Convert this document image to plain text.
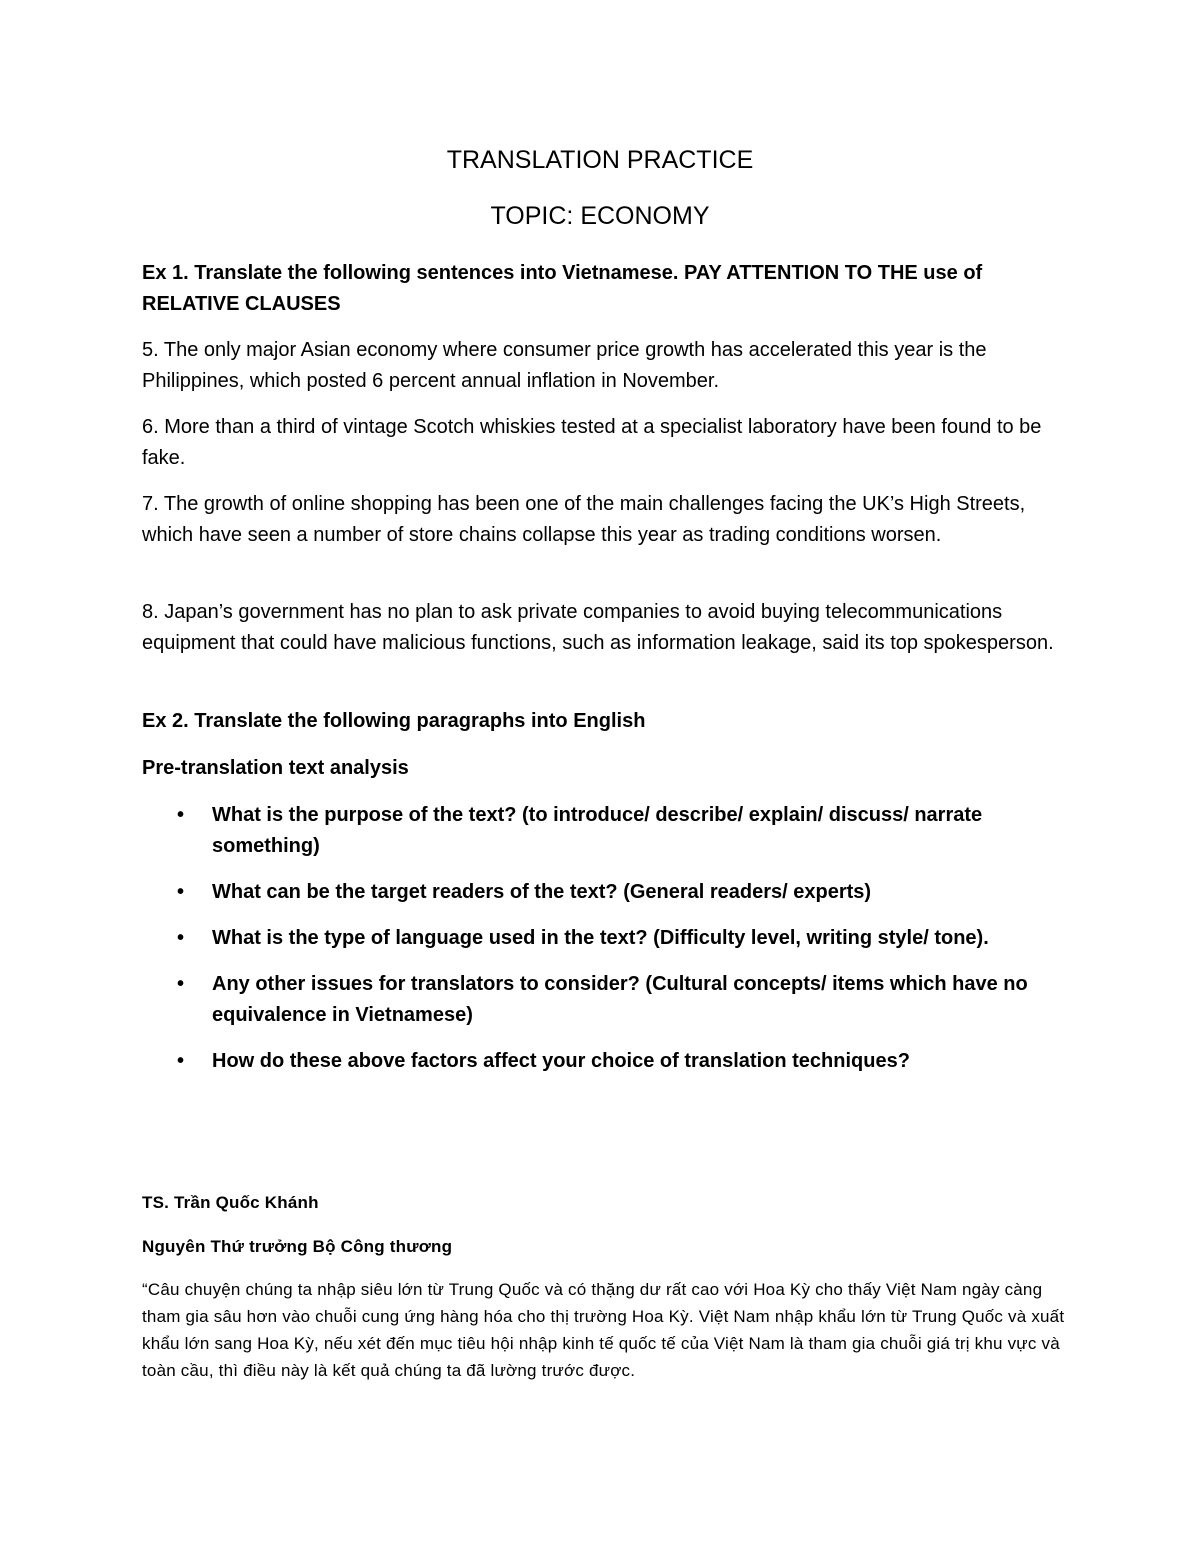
TRANSLATION PRACTICE
TOPIC: ECONOMY

Ex 1. Translate the following sentences into Vietnamese. PAY ATTENTION TO THE use of RELATIVE CLAUSES

5. The only major Asian economy where consumer price growth has accelerated this year is the Philippines, which posted 6 percent annual inflation in November.

6. More than a third of vintage Scotch whiskies tested at a specialist laboratory have been found to be fake.

7. The growth of online shopping has been one of the main challenges facing the UK’s High Streets, which have seen a number of store chains collapse this year as trading conditions worsen.

8. Japan’s government has no plan to ask private companies to avoid buying telecommunications equipment that could have malicious functions, such as information leakage, said its top spokesperson.

Ex 2. Translate the following paragraphs into English

Pre-translation text analysis

• What is the purpose of the text? (to introduce/ describe/ explain/ discuss/ narrate something)
• What can be the target readers of the text? (General readers/ experts)
• What is the type of language used in the text? (Difficulty level, writing style/ tone).
• Any other issues for translators to consider? (Cultural concepts/ items which have no equivalence in Vietnamese)
• How do these above factors affect your choice of translation techniques?

TS. Trần Quốc Khánh

Nguyên Thứ trưởng Bộ Công thương

“Câu chuyện chúng ta nhập siêu lớn từ Trung Quốc và có thặng dư rất cao với Hoa Kỳ cho thấy Việt Nam ngày càng tham gia sâu hơn vào chuỗi cung ứng hàng hóa cho thị trường Hoa Kỳ. Việt Nam nhập khẩu lớn từ Trung Quốc và xuất khẩu lớn sang Hoa Kỳ, nếu xét đến mục tiêu hội nhập kinh tế quốc tế của Việt Nam là tham gia chuỗi giá trị khu vực và toàn cầu, thì điều này là kết quả chúng ta đã lường trước được.
